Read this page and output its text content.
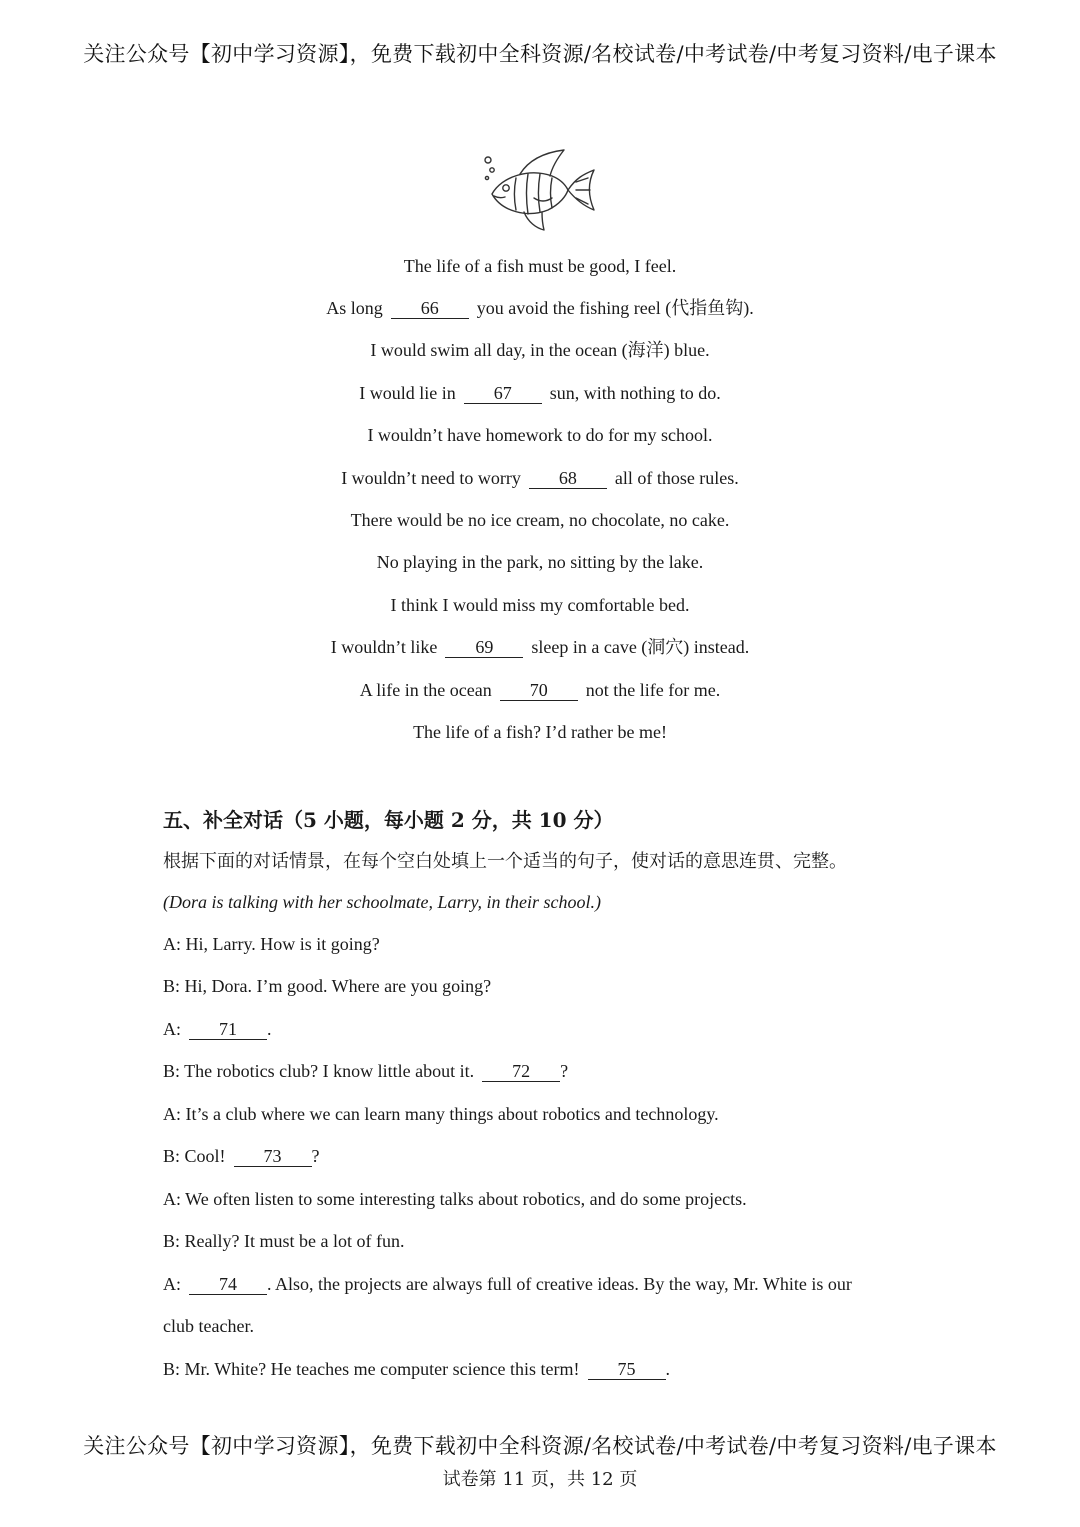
关注公众号【初中学习资源】，免费下载初中全科资源/名校试卷/中考试卷/中考复习资料/电子课本
The life of a fish must be good, I feel.
As long 66 you avoid the fishing reel (代指鱼钩).
I would swim all day, in the ocean (海洋) blue.
I would lie in 67 sun, with nothing to do.
I wouldn’t have homework to do for my school.
I wouldn’t need to worry 68 all of those rules.
There would be no ice cream, no chocolate, no cake.
No playing in the park, no sitting by the lake.
I think I would miss my comfortable bed.
I wouldn’t like 69 sleep in a cave (洞穴) instead.
A life in the ocean 70 not the life for me.
The life of a fish? I’d rather be me!
五、补全对话（5 小题，每小题 2 分，共 10 分）
根据下面的对话情景，在每个空白处填上一个适当的句子，使对话的意思连贯、完整。
(Dora is talking with her schoolmate, Larry, in their school.)
A: Hi, Larry. How is it going?
B: Hi, Dora. I’m good. Where are you going?
A: 71 .
B: The robotics club? I know little about it. 72 ?
A: It’s a club where we can learn many things about robotics and technology.
B: Cool! 73 ?
A: We often listen to some interesting talks about robotics, and do some projects.
B: Really? It must be a lot of fun.
A: 74 . Also, the projects are always full of creative ideas. By the way, Mr. White is our
club teacher.
B: Mr. White? He teaches me computer science this term! 75 .
关注公众号【初中学习资源】，免费下载初中全科资源/名校试卷/中考试卷/中考复习资料/电子课本
试卷第 11 页，共 12 页
